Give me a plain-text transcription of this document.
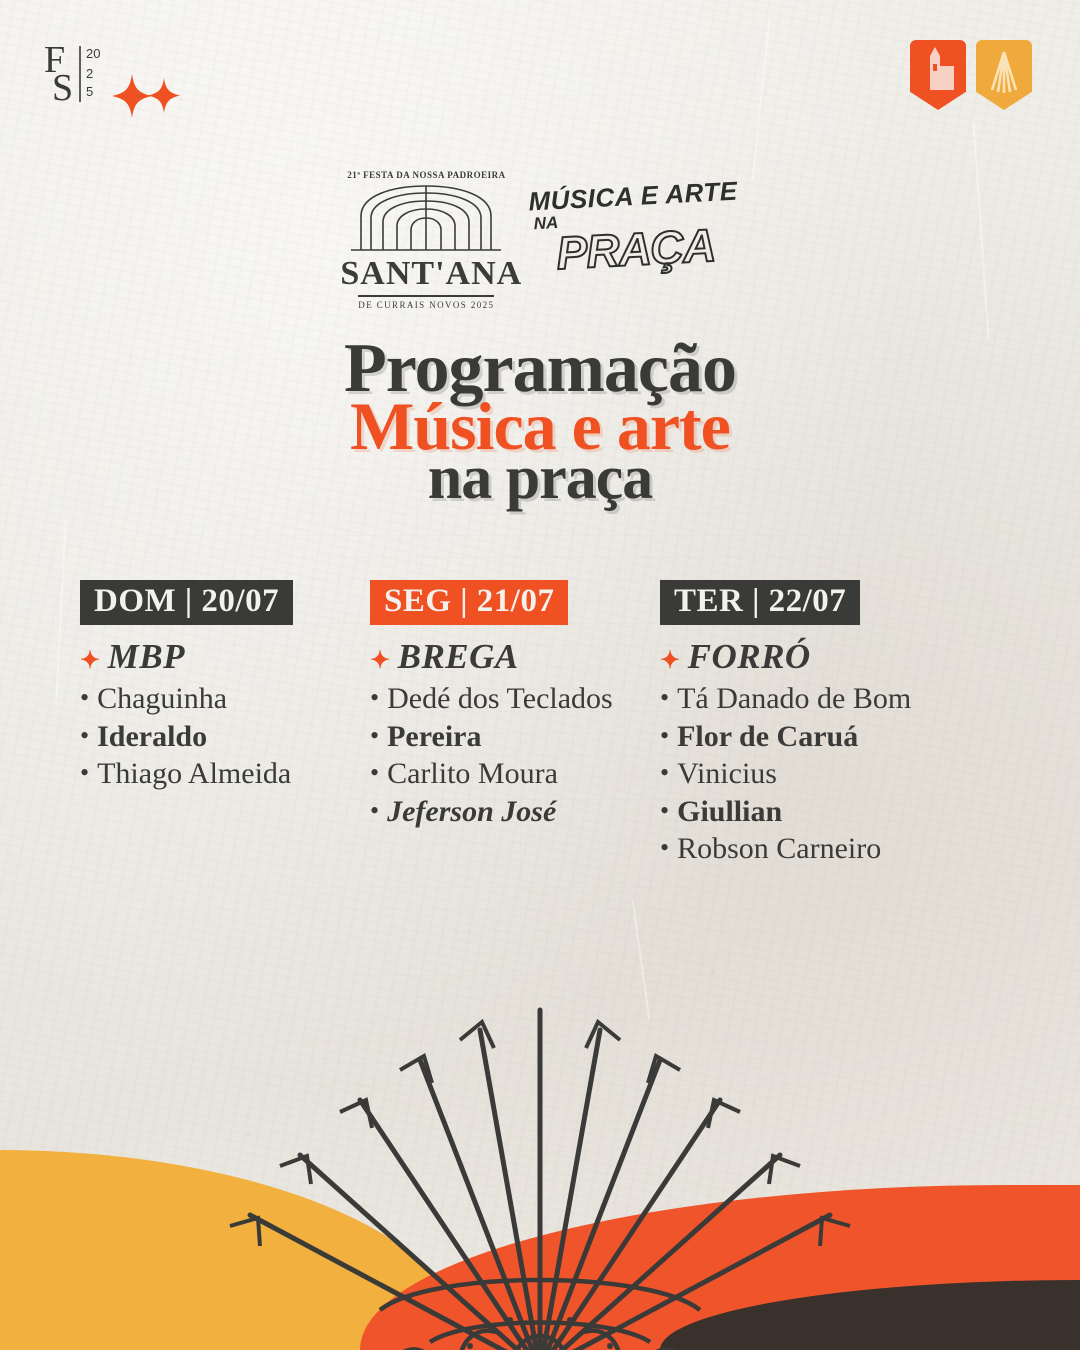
F
S
20
2
5
21ª FESTA DA NOSSA PADROEIRA
SANT'ANA
DE CURRAIS NOVOS 2025
MÚSICA E ARTE
NA
PRAÇA
Programação
Música e arte
na praça
DOM | 20/07
✦ MBP
• Chaguinha
• Ideraldo
• Thiago Almeida
SEG | 21/07
✦ BREGA
• Dedé dos Teclados
• Pereira
• Carlito Moura
• Jeferson José
TER | 22/07
✦ FORRÓ
• Tá Danado de Bom
• Flor de Caruá
• Vinicius
• Giullian
• Robson Carneiro
